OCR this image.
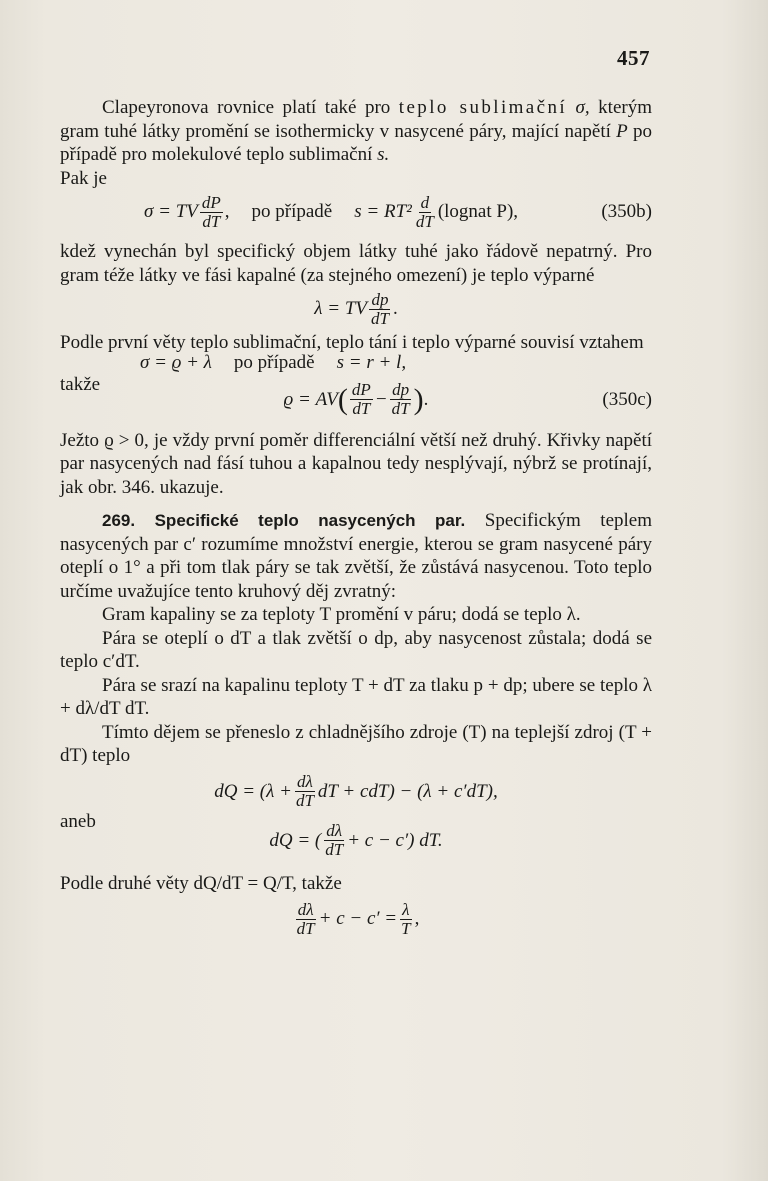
457

Clapeyronova rovnice platí také pro teplo sublimační σ, kterým gram tuhé látky promění se isothermicky v nasycené páry, mající napětí P po případě pro molekulové teplo sublimační s.

Pak je

σ = TV $\frac{dP}{dT}$ , po případě $s = RT^2 \frac{d}{dT}$ (lognat P),	(350b)

kdež vynechán byl specifický objem látky tuhé jako řádově nepatrný. Pro gram téže látky ve fási kapalné (za stejného omezení) je teplo výparné

λ = TV $\frac{dp}{dT}$ .

Podle první věty teplo sublimační, teplo tání i teplo výparné souvisí vztahem

σ = ϱ + λ po případě s = r + l,
takže
ϱ = AV ( $\frac{dP}{dT} - \frac{dp}{dT}$ ) .	(350c)

Ježto ϱ > 0, je vždy první poměr differenciální větší než druhý. Křivky napětí par nasycených nad fásí tuhou a kapalnou tedy nesplývají, nýbrž se protínají, jak obr. 346. ukazuje.

269. Specifické teplo nasycených par. Specifickým teplem nasycených par c′ rozumíme množství energie, kterou se gram nasycené páry oteplí o 1° a při tom tlak páry se tak zvětší, že zůstává nasycenou. Toto teplo určíme uvažujíce tento kruhový děj zvratný:

Gram kapaliny se za teploty T promění v páru; dodá se teplo λ.

Pára se oteplí o dT a tlak zvětší o dp, aby nasycenost zůstala; dodá se teplo c′dT.

Pára se srazí na kapalinu teploty T + dT za tlaku p + dp; ubere se teplo λ + dλ/dT dT.

Tímto dějem se přeneslo z chladnějšího zdroje (T) na teplejší zdroj (T + dT) teplo

dQ = ($\lambda + \frac{d\lambda}{dT}$ dT + cdT) − (λ + c′dT),
aneb
dQ = ( $\frac{d\lambda}{dT} + c - c'$) dT.

Podle druhé věty dQ/dT = Q/T, takže

$\frac{d\lambda}{dT} + c - c' = \frac{\lambda}{T}$ ,
